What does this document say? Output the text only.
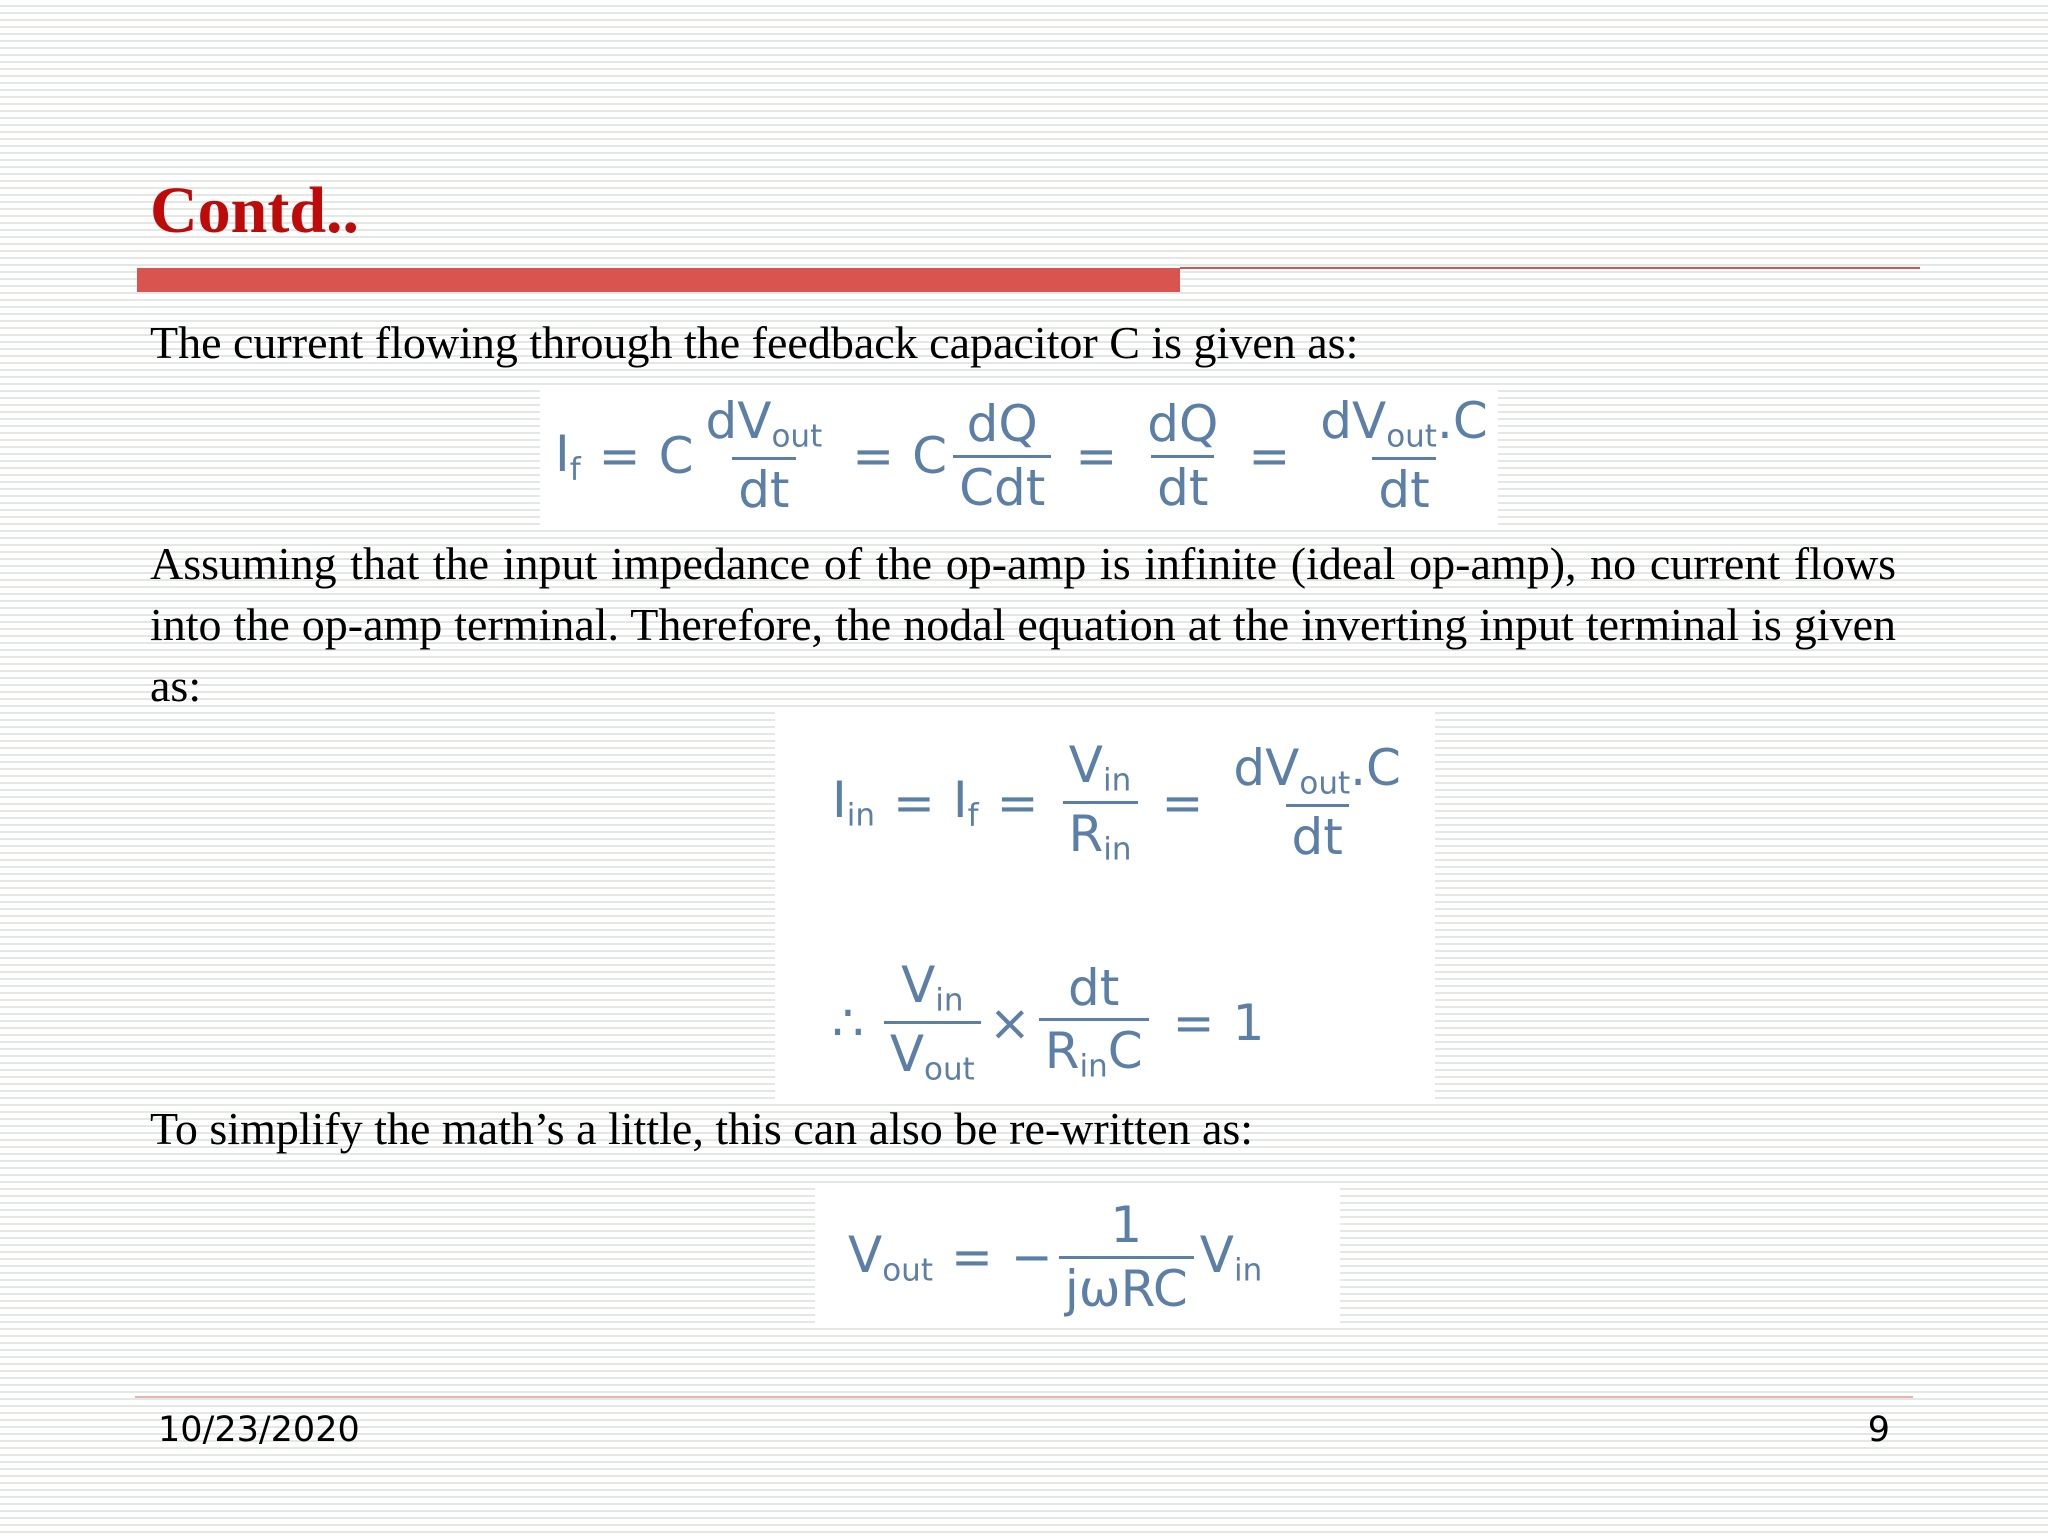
Contd..
The current flowing through the feedback capacitor C is given as:
$I_f = C \frac{dV_{out}}{dt} = C \frac{dQ}{\text{Cdt}} = \frac{dQ}{dt} = \frac{dV_{out}.C}{dt}$
Assuming that the input impedance of the op-amp is infinite (ideal op-amp), no current flows into the op-amp terminal. Therefore, the nodal equation at the inverting input terminal is given as:
$I_{in} = I_f = \frac{V_{in}}{R_{in}} = \frac{dV_{out}.C}{dt}$
∴ $\frac{V_{in}}{V_{out}} \times \frac{dt}{R_{in}C} = 1$
To simplify the math’s a little, this can also be re-written as:
$V_{out}$ = − $\frac{1}{\text{jωRC}} V_{in}$
10/23/2020	9
